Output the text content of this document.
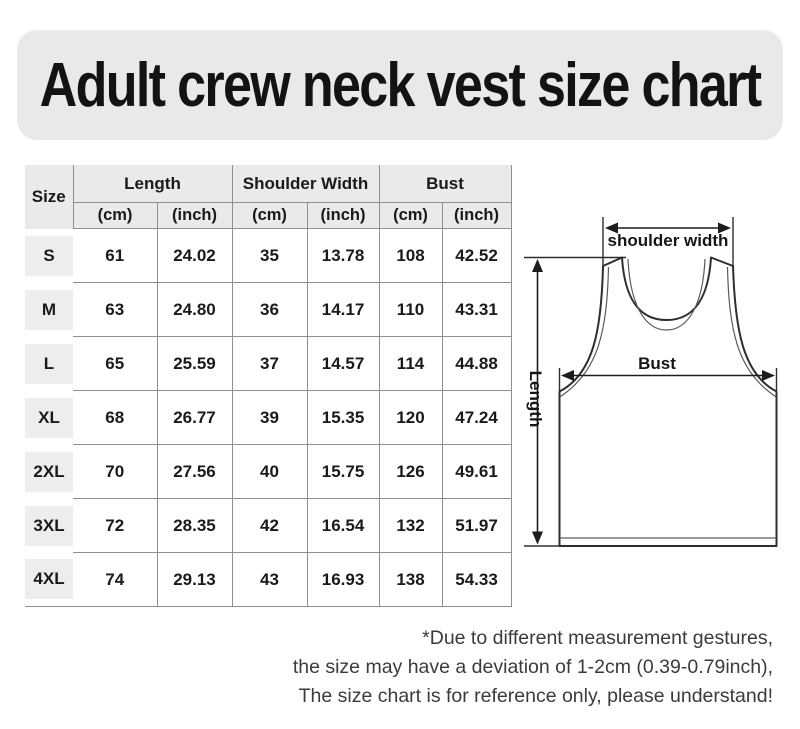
Adult crew neck vest size chart
Size	Length		Shoulder Width		Bust	
	(cm)	(inch)	(cm)	(inch)	(cm)	(inch)

S	61	24.02	35	13.78	108	42.52

M	63	24.80	36	14.17	110	43.31

L	65	25.59	37	14.57	114	44.88

XL	68	26.77	39	15.35	120	47.24

2XL	70	27.56	40	15.75	126	49.61

3XL	72	28.35	42	16.54	132	51.97

4XL	74	29.13	43	16.93	138	54.33
shoulder width
Bust
Length
*Due to different measurement gestures,
the size may have a deviation of 1-2cm (0.39-0.79inch),
The size chart is for reference only, please understand!
